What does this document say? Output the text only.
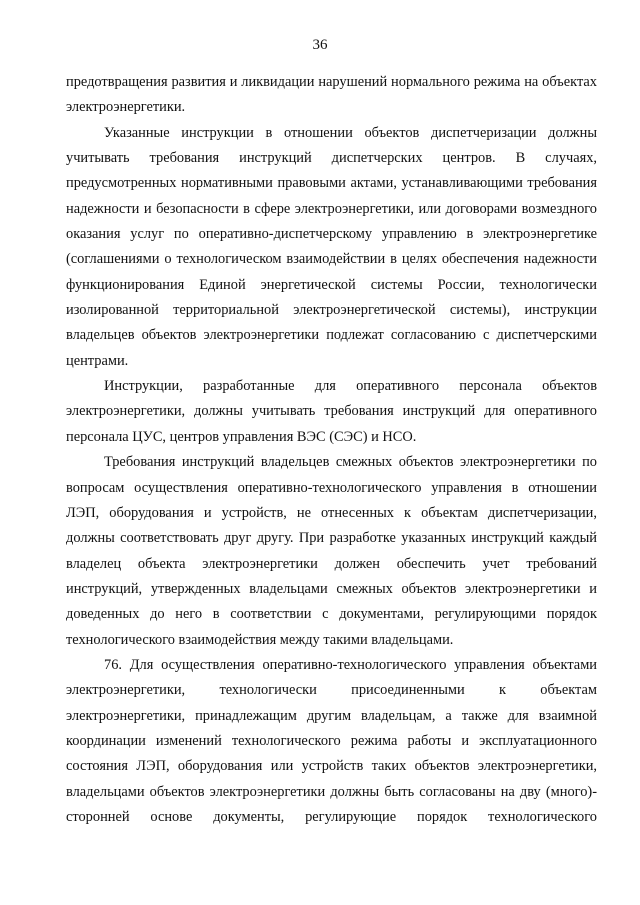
36

предотвращения развития и ликвидации нарушений нормального режима на объектах электроэнергетики.

Указанные инструкции в отношении объектов диспетчеризации должны учитывать требования инструкций диспетчерских центров. В случаях, предусмотренных нормативными правовыми актами, устанавливающими требования надежности и безопасности в сфере электроэнергетики, или договорами возмездного оказания услуг по оперативно-диспетчерскому управлению в электроэнергетике (соглашениями о технологическом взаимодействии в целях обеспечения надежности функционирования Единой энергетической системы России, технологически изолированной территориальной электроэнергетической системы), инструкции владельцев объектов электроэнергетики подлежат согласованию с диспетчерскими центрами.

Инструкции, разработанные для оперативного персонала объектов электроэнергетики, должны учитывать требования инструкций для оперативного персонала ЦУС, центров управления ВЭС (СЭС) и НСО.

Требования инструкций владельцев смежных объектов электроэнергетики по вопросам осуществления оперативно-технологического управления в отношении ЛЭП, оборудования и устройств, не отнесенных к объектам диспетчеризации, должны соответствовать друг другу. При разработке указанных инструкций каждый владелец объекта электроэнергетики должен обеспечить учет требований инструкций, утвержденных владельцами смежных объектов электроэнергетики и доведенных до него в соответствии с документами, регулирующими порядок технологического взаимодействия между такими владельцами.

76. Для осуществления оперативно-технологического управления объектами электроэнергетики, технологически присоединенными к объектам электроэнергетики, принадлежащим другим владельцам, а также для взаимной координации изменений технологического режима работы и эксплуатационного состояния ЛЭП, оборудования или устройств таких объектов электроэнергетики, владельцами объектов электроэнергетики должны быть согласованы на дву (много)-сторонней основе документы, регулирующие порядок технологического
